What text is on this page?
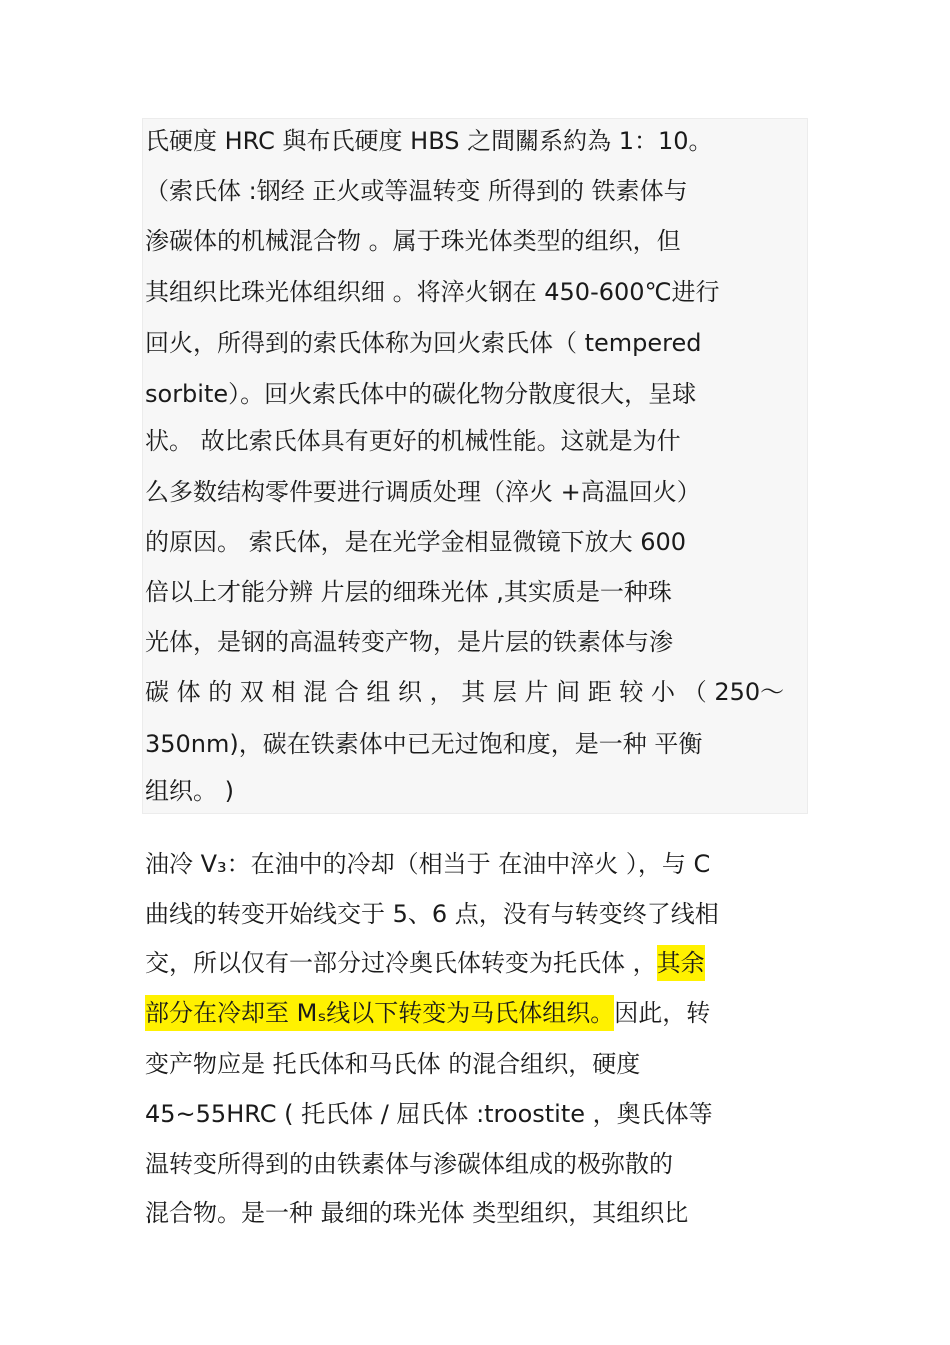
氏硬度 HRC 與布氏硬度 HBS 之間關系約為 1：10。
（索氏体 :钢经 正火或等温转变 所得到的 铁素体与
渗碳体的机械混合物 。属于珠光体类型的组织，但
其组织比珠光体组织细 。将淬火钢在 450-600℃进行
回火，所得到的索氏体称为回火索氏体（ tempered
sorbite）。回火索氏体中的碳化物分散度很大，呈球
状。 故比索氏体具有更好的机械性能。这就是为什
么多数结构零件要进行调质处理（淬火 +高温回火）
的原因。 索氏体，是在光学金相显微镜下放大 600
倍以上才能分辨 片层的细珠光体 ,其实质是一种珠
光体，是钢的高温转变产物，是片层的铁素体与渗
碳 体 的 双 相 混 合 组 织 ， 其 层 片 间 距 较 小 （ 250～
350nm)，碳在铁素体中已无过饱和度，是一种 平衡
组织。 )
油冷 V₃：在油中的冷却（相当于 在油中淬火 ），与 C
曲线的转变开始线交于 5、6 点，没有与转变终了线相
交，所以仅有一部分过冷奥氏体转变为托氏体 ，其余
部分在冷却至 Mₛ线以下转变为马氏体组织。因此，转
变产物应是 托氏体和马氏体 的混合组织，硬度
45~55HRC ( 托氏体 / 屈氏体 :troostite ，奥氏体等
温转变所得到的由铁素体与渗碳体组成的极弥散的
混合物。是一种 最细的珠光体 类型组织，其组织比
